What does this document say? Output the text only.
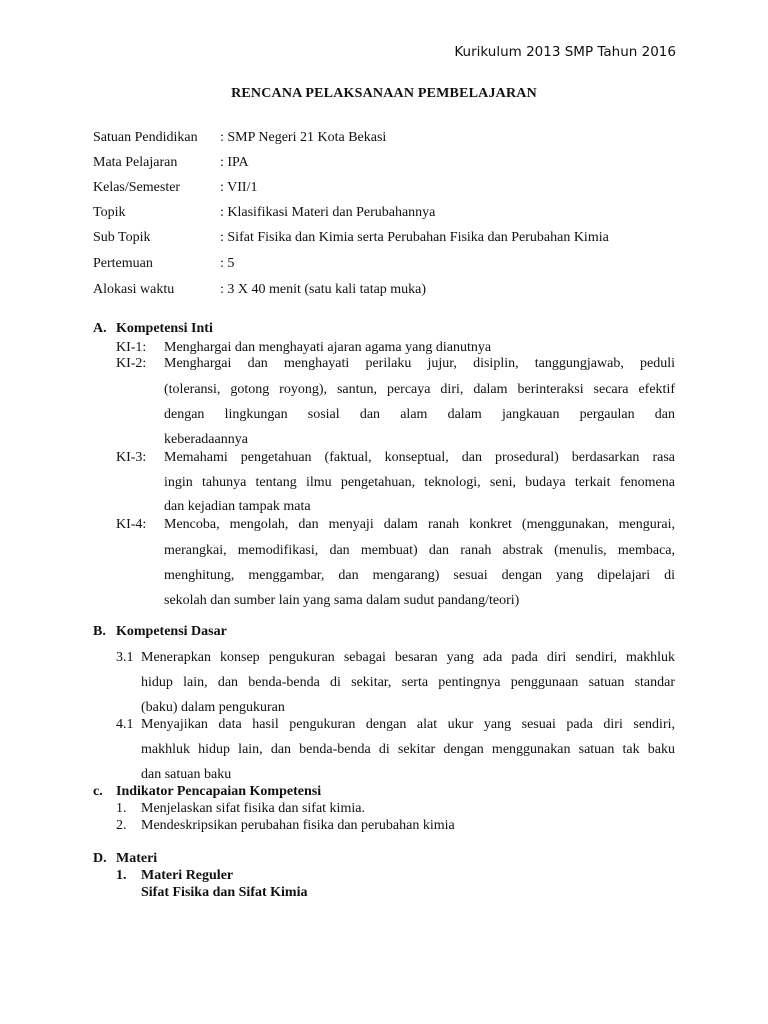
Kurikulum 2013 SMP Tahun 2016
RENCANA PELAKSANAAN PEMBELAJARAN
Satuan Pendidikan : SMP Negeri 21 Kota Bekasi
Mata Pelajaran	: IPA
Kelas/Semester	: VII/1
Topik	: Klasifikasi Materi dan Perubahannya
Sub Topik	: Sifat Fisika dan Kimia serta Perubahan Fisika dan Perubahan Kimia
Pertemuan	: 5
Alokasi waktu	: 3 X 40 menit (satu kali tatap muka)
A. Kompetensi Inti
KI-1: Menghargai dan menghayati ajaran agama yang dianutnya
KI-2: Menghargai dan menghayati perilaku jujur, disiplin, tanggungjawab, peduli
(toleransi, gotong royong), santun, percaya diri, dalam berinteraksi secara efektif
dengan lingkungan sosial dan alam dalam jangkauan pergaulan dan
keberadaannya
KI-3: Memahami pengetahuan (faktual, konseptual, dan prosedural) berdasarkan rasa
ingin tahunya tentang ilmu pengetahuan, teknologi, seni, budaya terkait fenomena
dan kejadian tampak mata
KI-4: Mencoba, mengolah, dan menyaji dalam ranah konkret (menggunakan, mengurai,
merangkai, memodifikasi, dan membuat) dan ranah abstrak (menulis, membaca,
menghitung, menggambar, dan mengarang) sesuai dengan yang dipelajari di
sekolah dan sumber lain yang sama dalam sudut pandang/teori)
B. Kompetensi Dasar
3.1 Menerapkan konsep pengukuran sebagai besaran yang ada pada diri sendiri, makhluk
hidup lain, dan benda-benda di sekitar, serta pentingnya penggunaan satuan standar
(baku) dalam pengukuran
4.1 Menyajikan data hasil pengukuran dengan alat ukur yang sesuai pada diri sendiri,
makhluk hidup lain, dan benda-benda di sekitar dengan menggunakan satuan tak baku
dan satuan baku
c. Indikator Pencapaian Kompetensi
1. Menjelaskan sifat fisika dan sifat kimia.
2. Mendeskripsikan perubahan fisika dan perubahan kimia
D. Materi
1. Materi Reguler
Sifat Fisika dan Sifat Kimia
